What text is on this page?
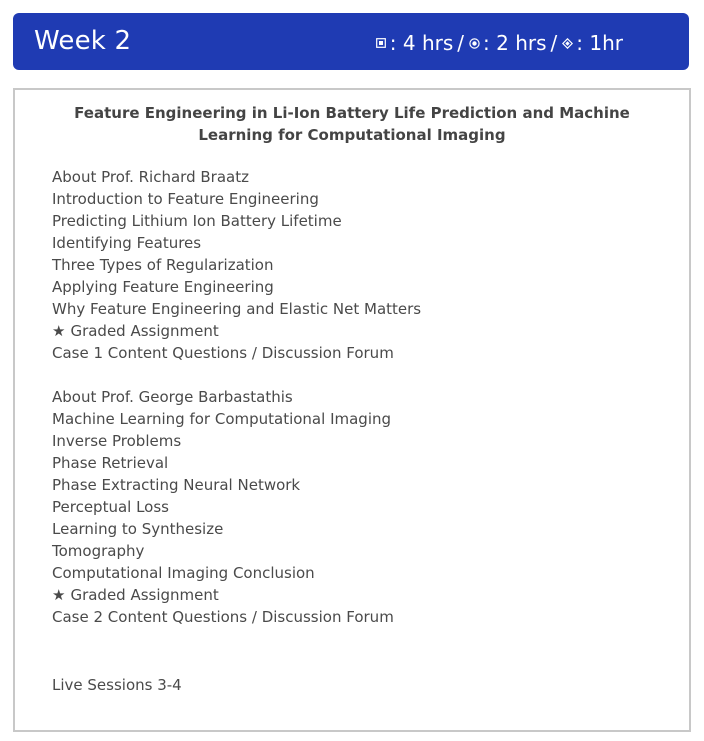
Week 2	: 4 hrs / : 2 hrs / : 1hr
Feature Engineering in Li-Ion Battery Life Prediction and Machine
Learning for Computational Imaging
About Prof. Richard Braatz
Introduction to Feature Engineering
Predicting Lithium Ion Battery Lifetime
Identifying Features
Three Types of Regularization
Applying Feature Engineering
Why Feature Engineering and Elastic Net Matters
★ Graded Assignment
Case 1 Content Questions / Discussion Forum
About Prof. George Barbastathis
Machine Learning for Computational Imaging
Inverse Problems
Phase Retrieval
Phase Extracting Neural Network
Perceptual Loss
Learning to Synthesize
Tomography
Computational Imaging Conclusion
★ Graded Assignment
Case 2 Content Questions / Discussion Forum
Live Sessions 3-4
